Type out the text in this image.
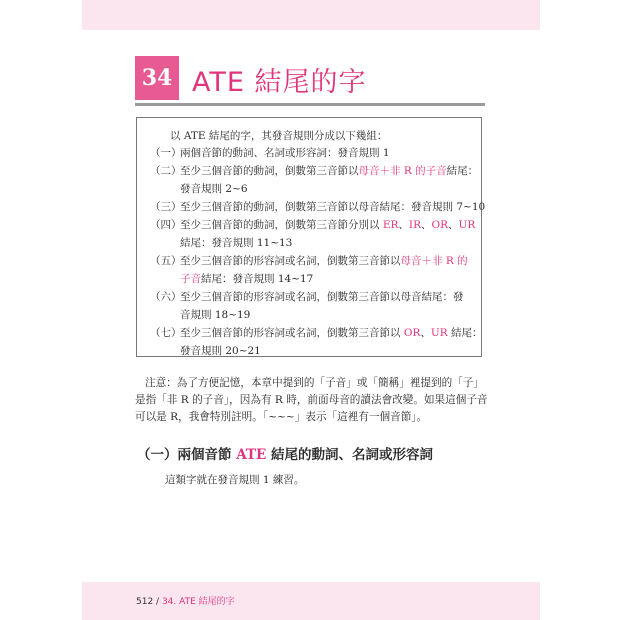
34 ATE 結尾的字
以 ATE 結尾的字，其發音規則分成以下幾組：
（一）
兩個音節的動詞、名詞或形容詞：發音規則 1
（二）
至少三個音節的動詞，倒數第三音節以母音＋非 R 的子音結尾：
發音規則 2~6
（三）
至少三個音節的動詞，倒數第三音節以母音結尾：發音規則 7~10
（四）
至少三個音節的動詞，倒數第三音節分別以 ER、IR、OR、UR
結尾：發音規則 11~13
（五）
至少三個音節的形容詞或名詞，倒數第三音節以母音＋非 R 的
子音結尾：發音規則 14~17
（六）
至少三個音節的形容詞或名詞，倒數第三音節以母音結尾：發
音規則 18~19
（七）
至少三個音節的形容詞或名詞，倒數第三音節以 OR、UR 結尾：
發音規則 20~21
注意：為了方便記憶，本章中提到的「子音」或「簡稱」裡提到的「子」
是指「非 R 的子音」，因為有 R 時，前面母音的讀法會改變。如果這個子音
可以是 R，我會特別註明。「~~~」表示「這裡有一個音節」。
（一）兩個音節 ATE 結尾的動詞、名詞或形容詞
這類字就在發音規則 1 練習。
512 / 34. ATE 結尾的字
